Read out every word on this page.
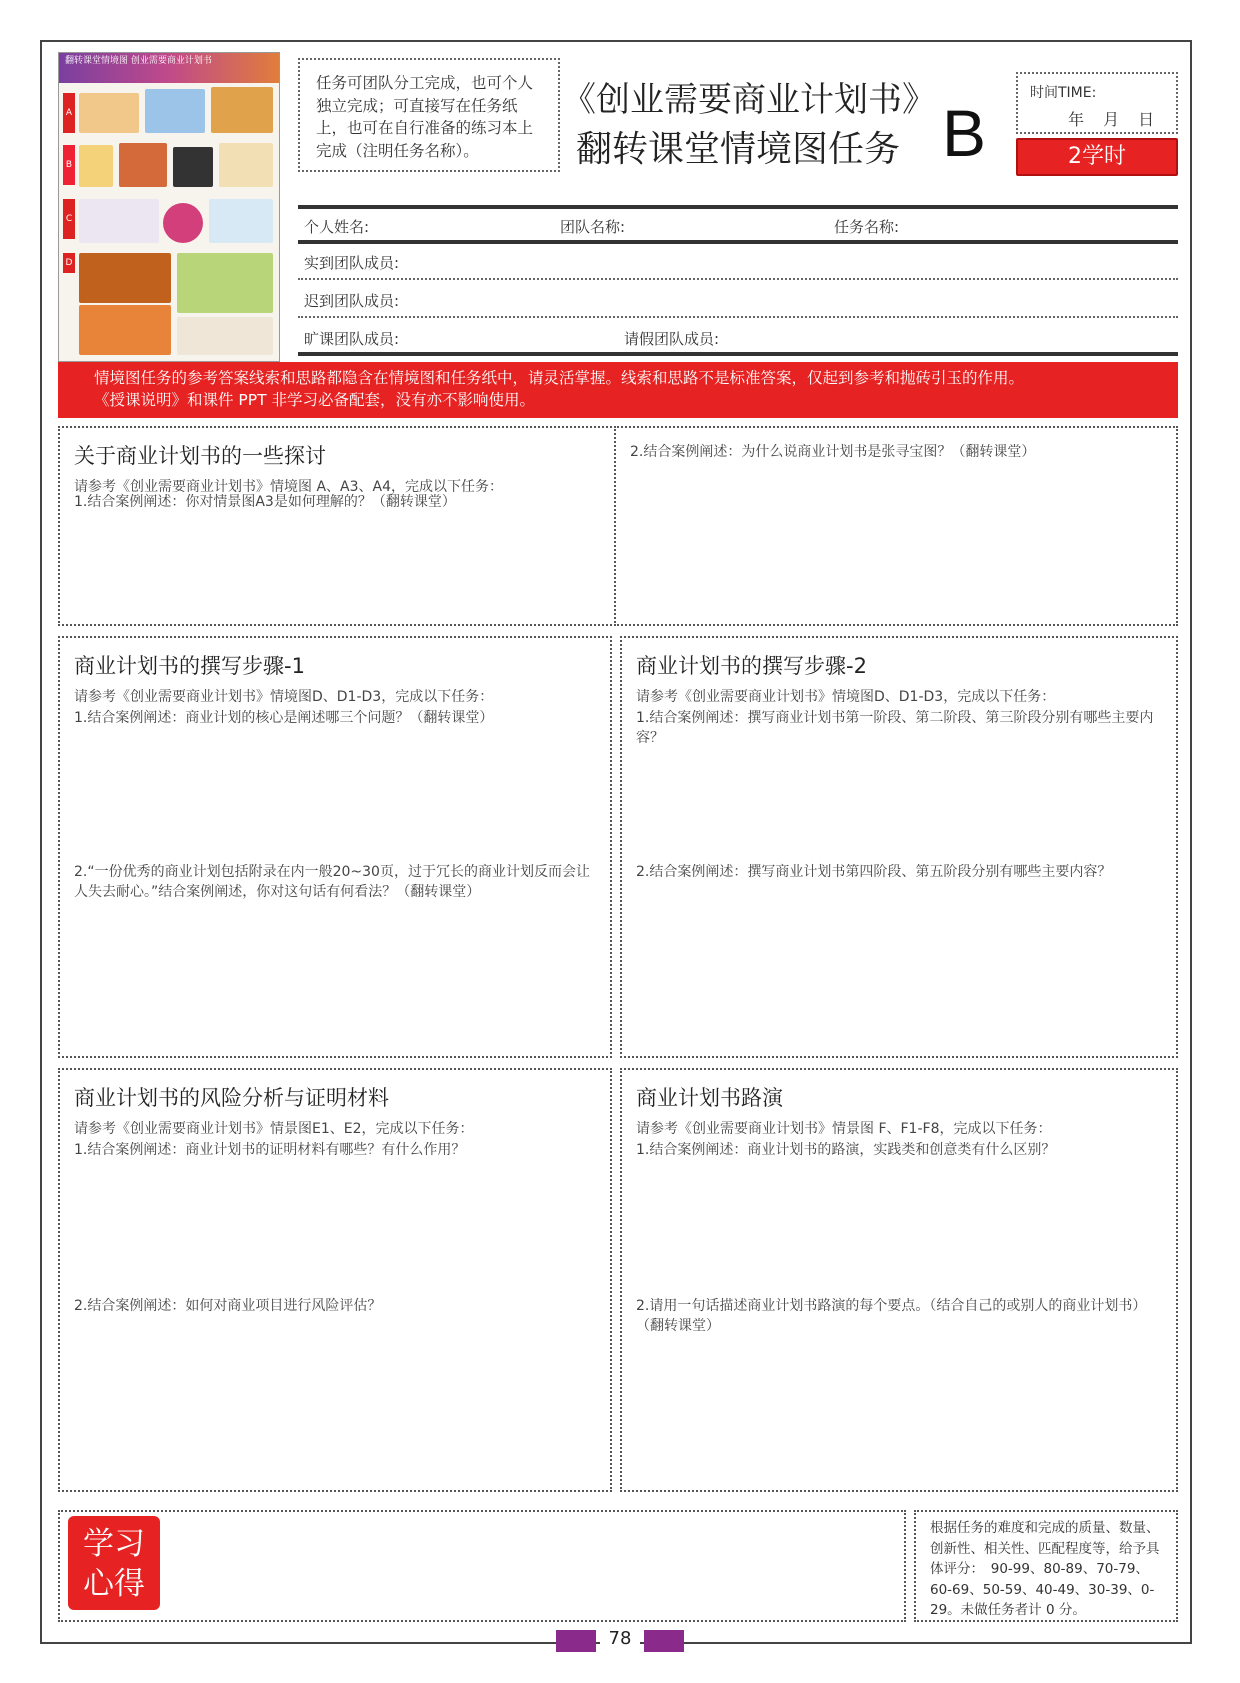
翻转课堂情境图 创业需要商业计划书
A
B
C
D
任务可团队分工完成，也可个人独立完成；可直接写在任务纸上，也可在自行准备的练习本上完成（注明任务名称）。
《创业需要商业计划书》
翻转课堂情境图任务 B
时间TIME:
年 月 日
2学时
个人姓名:	团队名称:	任务名称:
实到团队成员:
迟到团队成员:
旷课团队成员:	请假团队成员:
情境图任务的参考答案线索和思路都隐含在情境图和任务纸中，请灵活掌握。线索和思路不是标准答案，仅起到参考和抛砖引玉的作用。
《授课说明》和课件 PPT 非学习必备配套，没有亦不影响使用。
关于商业计划书的一些探讨
请参考《创业需要商业计划书》情境图 A、A3、A4，完成以下任务：
1.结合案例阐述：你对情景图A3是如何理解的？（翻转课堂）
2.结合案例阐述：为什么说商业计划书是张寻宝图？（翻转课堂）
商业计划书的撰写步骤-1
请参考《创业需要商业计划书》情境图D、D1-D3，完成以下任务：
1.结合案例阐述：商业计划的核心是阐述哪三个问题？（翻转课堂）
2.“一份优秀的商业计划包括附录在内一般20~30页，过于冗长的商业计划反而会让人失去耐心。”结合案例阐述，你对这句话有何看法？（翻转课堂）
商业计划书的撰写步骤-2
请参考《创业需要商业计划书》情境图D、D1-D3，完成以下任务：
1.结合案例阐述：撰写商业计划书第一阶段、第二阶段、第三阶段分别有哪些主要内容？
2.结合案例阐述：撰写商业计划书第四阶段、第五阶段分别有哪些主要内容？
商业计划书的风险分析与证明材料
请参考《创业需要商业计划书》情景图E1、E2，完成以下任务：
1.结合案例阐述：商业计划书的证明材料有哪些？有什么作用？
2.结合案例阐述：如何对商业项目进行风险评估？
商业计划书路演
请参考《创业需要商业计划书》情景图 F、F1-F8，完成以下任务：
1.结合案例阐述：商业计划书的路演，实践类和创意类有什么区别？
2.请用一句话描述商业计划书路演的每个要点。（结合自己的或别人的商业计划书）（翻转课堂）
学习
心得
根据任务的难度和完成的质量、数量、创新性、相关性、匹配程度等，给予具体评分：　90-99、80-89、70-79、60-69、50-59、40-49、30-39、0-29。未做任务者计 0 分。
78
